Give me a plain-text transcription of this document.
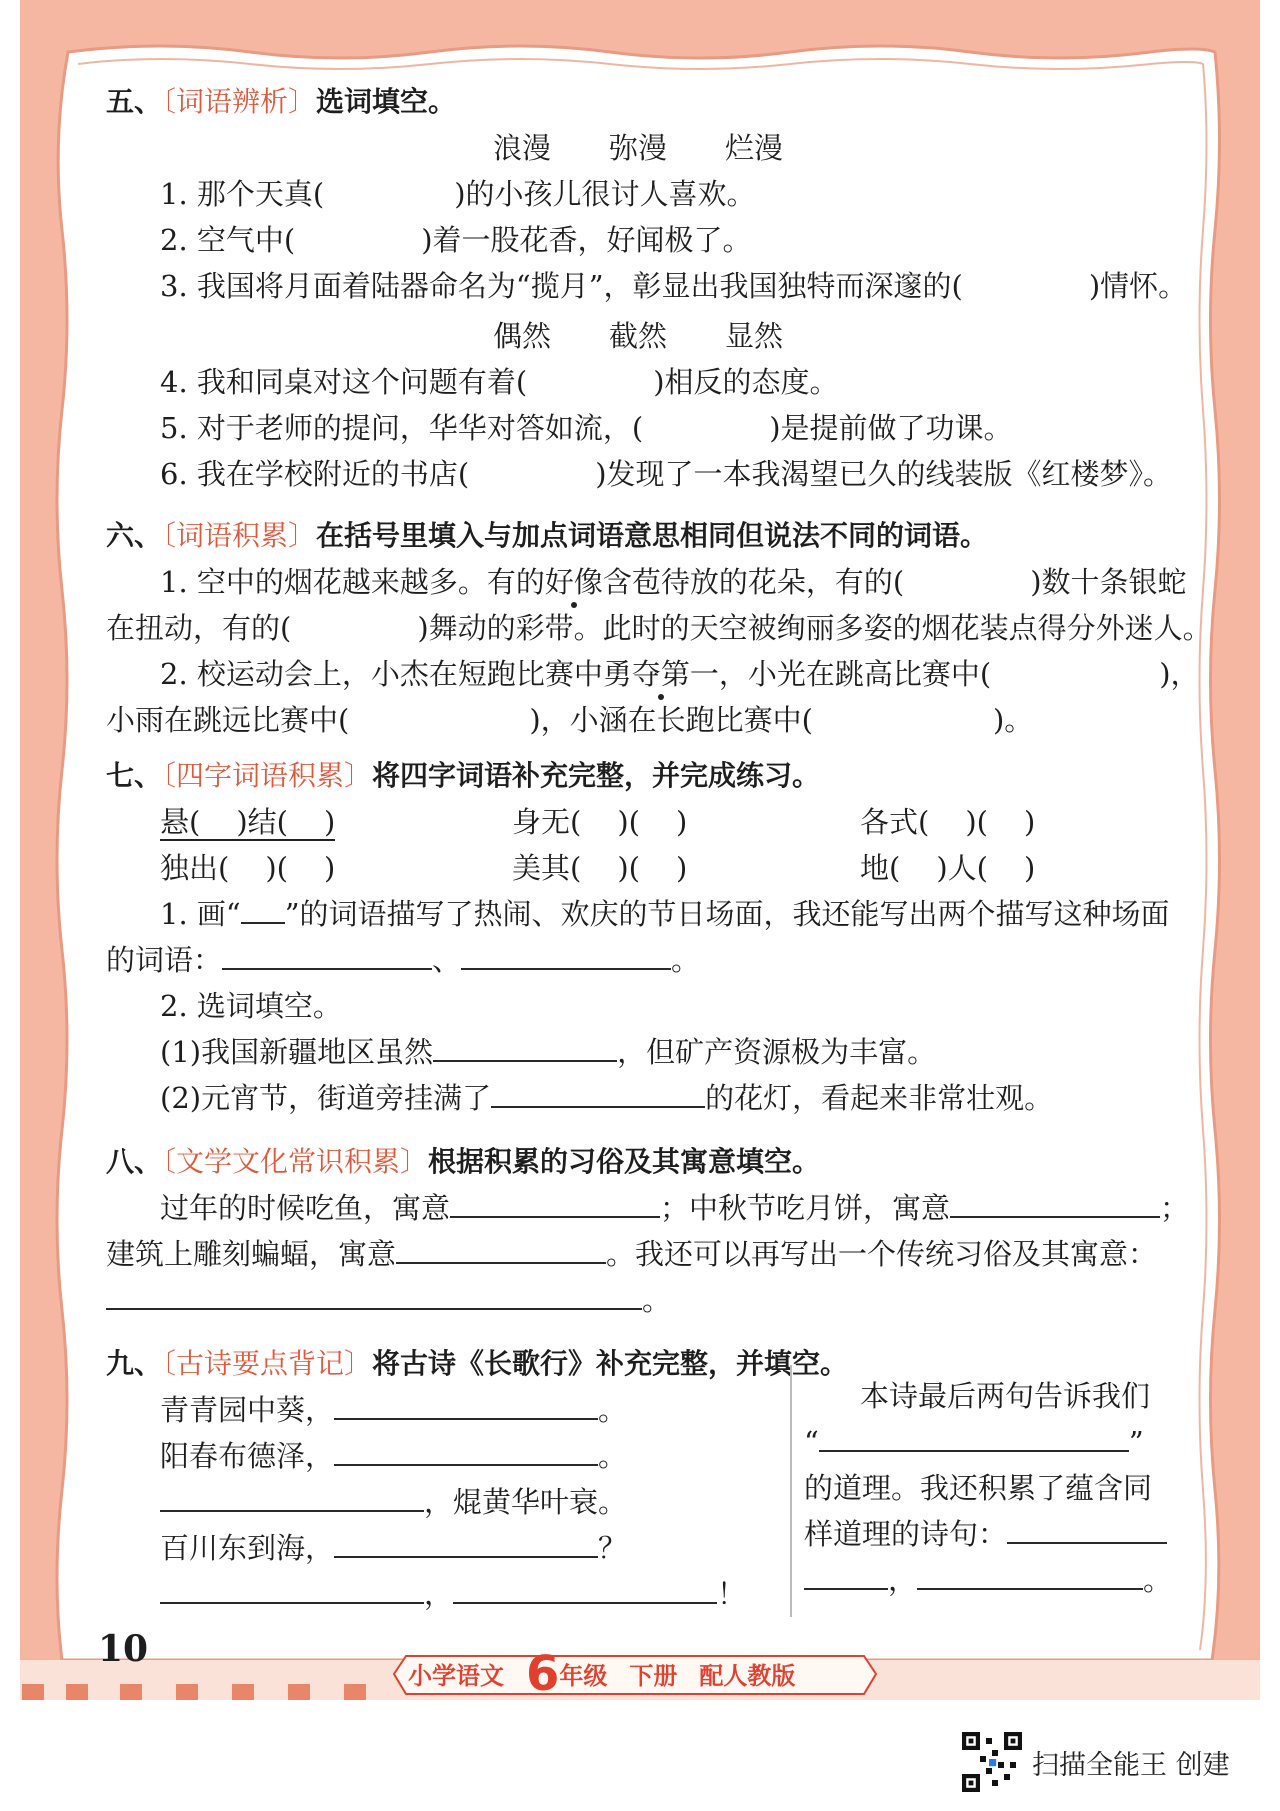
五、〔词语辨析〕选词填空。
浪漫 弥漫 烂漫
1. 那个天真(	)的小孩儿很讨人喜欢。
2. 空气中(	)着一股花香，好闻极了。
3. 我国将月面着陆器命名为“揽月”，彰显出我国独特而深邃的(	)情怀。
偶然 截然 显然
4. 我和同桌对这个问题有着(	)相反的态度。
5. 对于老师的提问，华华对答如流，(	)是提前做了功课。
6. 我在学校附近的书店(	)发现了一本我渴望已久的线装版《红楼梦》。
六、〔词语积累〕在括号里填入与加点词语意思相同但说法不同的词语。
1. 空中的烟花越来越多。有的好像含苞待放的花朵，有的(	)数十条银蛇
在扭动，有的(	)舞动的彩带。此时的天空被绚丽多姿的烟花装点得分外迷人。
2. 校运动会上，小杰在短跑比赛中勇夺第一，小光在跳高比赛中(	)，
小雨在跳远比赛中(	)，小涵在长跑比赛中(	)。
七、〔四字词语积累〕将四字词语补充完整，并完成练习。
悬( )结( )	身无( )( )	各式( )( )
独出( )( )	美其( )( )	地( )人( )
1. 画“ ”的词语描写了热闹、欢庆的节日场面，我还能写出两个描写这种场面
的词语：	、	。
2. 选词填空。
(1)我国新疆地区虽然	，但矿产资源极为丰富。
(2)元宵节，街道旁挂满了	的花灯，看起来非常壮观。
八、〔文学文化常识积累〕根据积累的习俗及其寓意填空。
过年的时候吃鱼，寓意	；中秋节吃月饼，寓意	；
建筑上雕刻蝙蝠，寓意	。我还可以再写出一个传统习俗及其寓意：
。
九、〔古诗要点背记〕将古诗《长歌行》补充完整，并填空。
青青园中葵，	。
阳春布德泽，	。
，焜黄华叶衰。
百川东到海，	？
，	！
本诗最后两句告诉我们
“	”
的道理。我还积累了蕴含同
样道理的诗句：
，	。
10
小学语文 6年级 下册 配人教版
扫描全能王 创建
